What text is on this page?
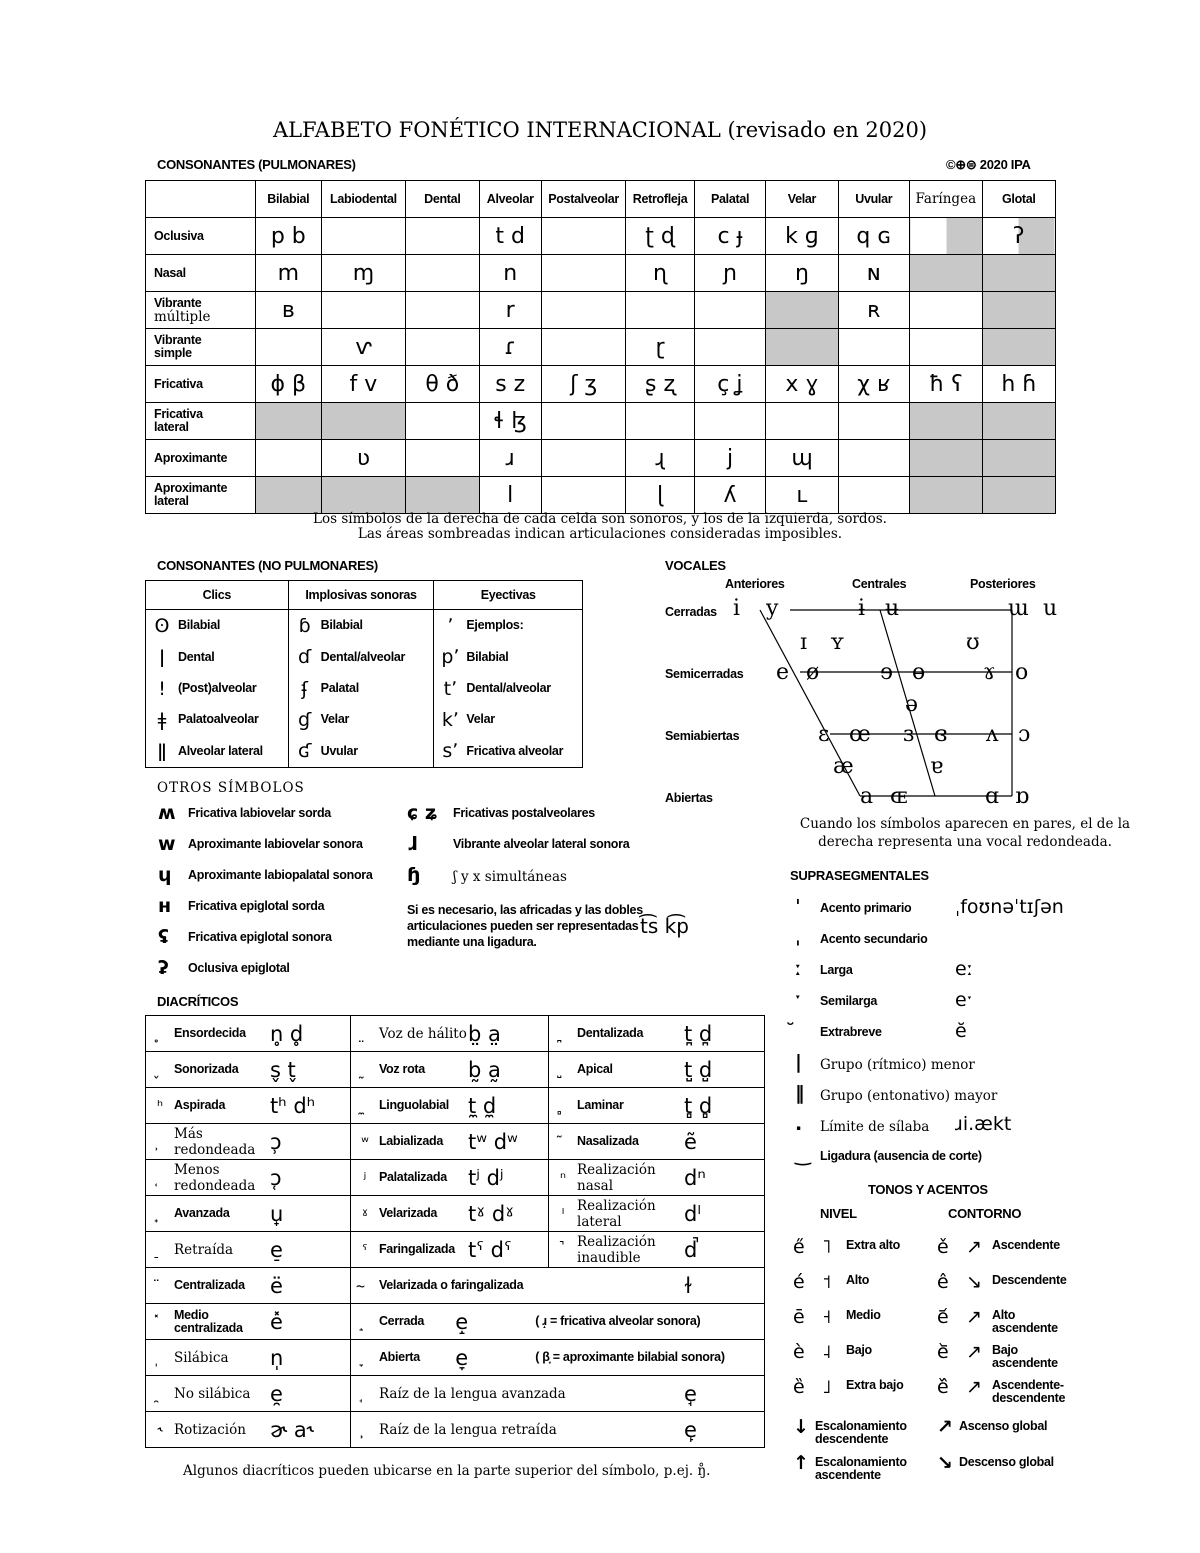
ALFABETO FONÉTICO INTERNACIONAL (revisado en 2020)
CONSONANTES (PULMONARES)	©⊕⊜ 2020 IPA
	Bilabial	Labiodental	Dental	Alveolar	Postalveolar	Retrofleja	Palatal	Velar	Uvular	Faríngea	Glotal

Oclusiva	p b			t d		ʈ ɖ	c ɟ	k ɡ	q ɢ		ʔ

Nasal	m	ɱ		n		ɳ	ɲ	ŋ	ɴ		

Vibrante
múltiple	ʙ			r					ʀ		

Vibrante
simple		ⱱ		ɾ		ɽ					

Fricativa	ɸ β	f v	θ ð	s z	ʃ ʒ	ʂ ʐ	ç ʝ	x ɣ	χ ʁ	ħ ʕ	h ɦ

Fricativa
lateral				ɬ ɮ							

Aproximante		ʋ		ɹ		ɻ	j	ɰ			

Aproximante
lateral				l		ɭ	ʎ	ʟ			

Los símbolos de la derecha de cada celda son sonoros, y los de la izquierda, sordos.
Las áreas sombreadas indican articulaciones consideradas imposibles.
CONSONANTES (NO PULMONARES)
Clics	Implosivas sonoras	Eyectivas

ʘ Bilabial	ɓ Bilabial	ʼ Ejemplos:

ǀ Dental	ɗ Dental/alveolar	pʼ Bilabial

ǃ (Post)alveolar	ʄ Palatal	tʼ Dental/alveolar

ǂ Palatoalveolar	ɠ Velar	kʼ Velar

ǁ Alveolar lateral	ʛ Uvular	sʼ Fricativa alveolar
VOCALES
Anteriores	Centrales	Posteriores
Cerradas
Semicerradas
Semiabiertas
Abiertas
i y	ɨ ʉ	ɯ u
ɪ ʏ	ʊ
e ø	ɘ ɵ	ɤ o
ə
ɛ œ ɜ ɞ ʌ ɔ
æ	ɐ
a ɶ	ɑ ɒ
Cuando los símbolos aparecen en pares, el de la derecha representa una vocal redondeada.
OTROS SÍMBOLOS
ʍ Fricativa labiovelar sorda
w Aproximante labiovelar sonora
ɥ Aproximante labiopalatal sonora
ʜ Fricativa epiglotal sorda
ʢ Fricativa epiglotal sonora
ʡ Oclusiva epiglotal
ɕ ʑ Fricativas postalveolares
ɺ	Vibrante alveolar lateral sonora
ɧ ʃ y x simultáneas
Si es necesario, las africadas y las dobles articulaciones pueden ser representadas mediante una ligadura.
t͡s k͡p
DIACRÍTICOS
Ensordecida n̥ d̥	Voz de hálito b̤ a̤	Dentalizada t̪ d̪

Sonorizada s̬ t̬	Voz rota b̰ a̰	Apical t̺ d̺

ʰ Aspirada tʰ dʰ	Linguolabial t̼ d̼	Laminar t̻ d̻

Más redondeada ɔ̹	ʷ Labializada tʷ dʷ	Nasalizada ẽ

Menos redondeada ɔ̜	ʲ Palatalizada tʲ dʲ	ⁿ Realización nasal dⁿ

Avanzada u̟	ˠ Velarizada tˠ dˠ	ˡ Realización lateral dˡ

Retraída e̠	ˤ Faringalizada tˤ dˤ	Realización inaudible d̚

Centralizada ë	Velarizada o faringalizada ɫ	

Medio centralizada e̽	Cerrada e̝ ( ɹ̝ = fricativa alveolar sonora)	

Silábica n̩	Abierta e̞ ( β̞ = aproximante bilabial sonora)	

No silábica e̯	Raíz de la lengua avanzada e̘	

˞ Rotización ɚ a˞	Raíz de la lengua retraída e̙	
Algunos diacríticos pueden ubicarse en la parte superior del símbolo, p.ej. ŋ̊.
SUPRASEGMENTALES
ˈ Acento primario ˌfoʊnəˈtɪʃən
ˌ Acento secundario
ː Larga	eː
ˑ Semilarga	eˑ
Extrabreve	ĕ
| Grupo (rítmico) menor
‖ Grupo (entonativo) mayor
. Límite de sílaba ɹi.ækt
‿ Ligadura (ausencia de corte)
TONOS Y ACENTOS
NIVEL	CONTORNO
e̋ ˥ Extra alto
é ˦ Alto
ē ˧ Medio
è ˨ Bajo
ȅ ˩ Extra bajo
ě ↗ Ascendente
ê ↘ Descendente
e᷄ ↗ Alto ascendente
e᷅ ↗ Bajo ascendente
e᷈ ↗ Ascendente-descendente
↓ Escalonamiento descendente
↑ Escalonamiento ascendente
↗ Ascenso global
↘ Descenso global
